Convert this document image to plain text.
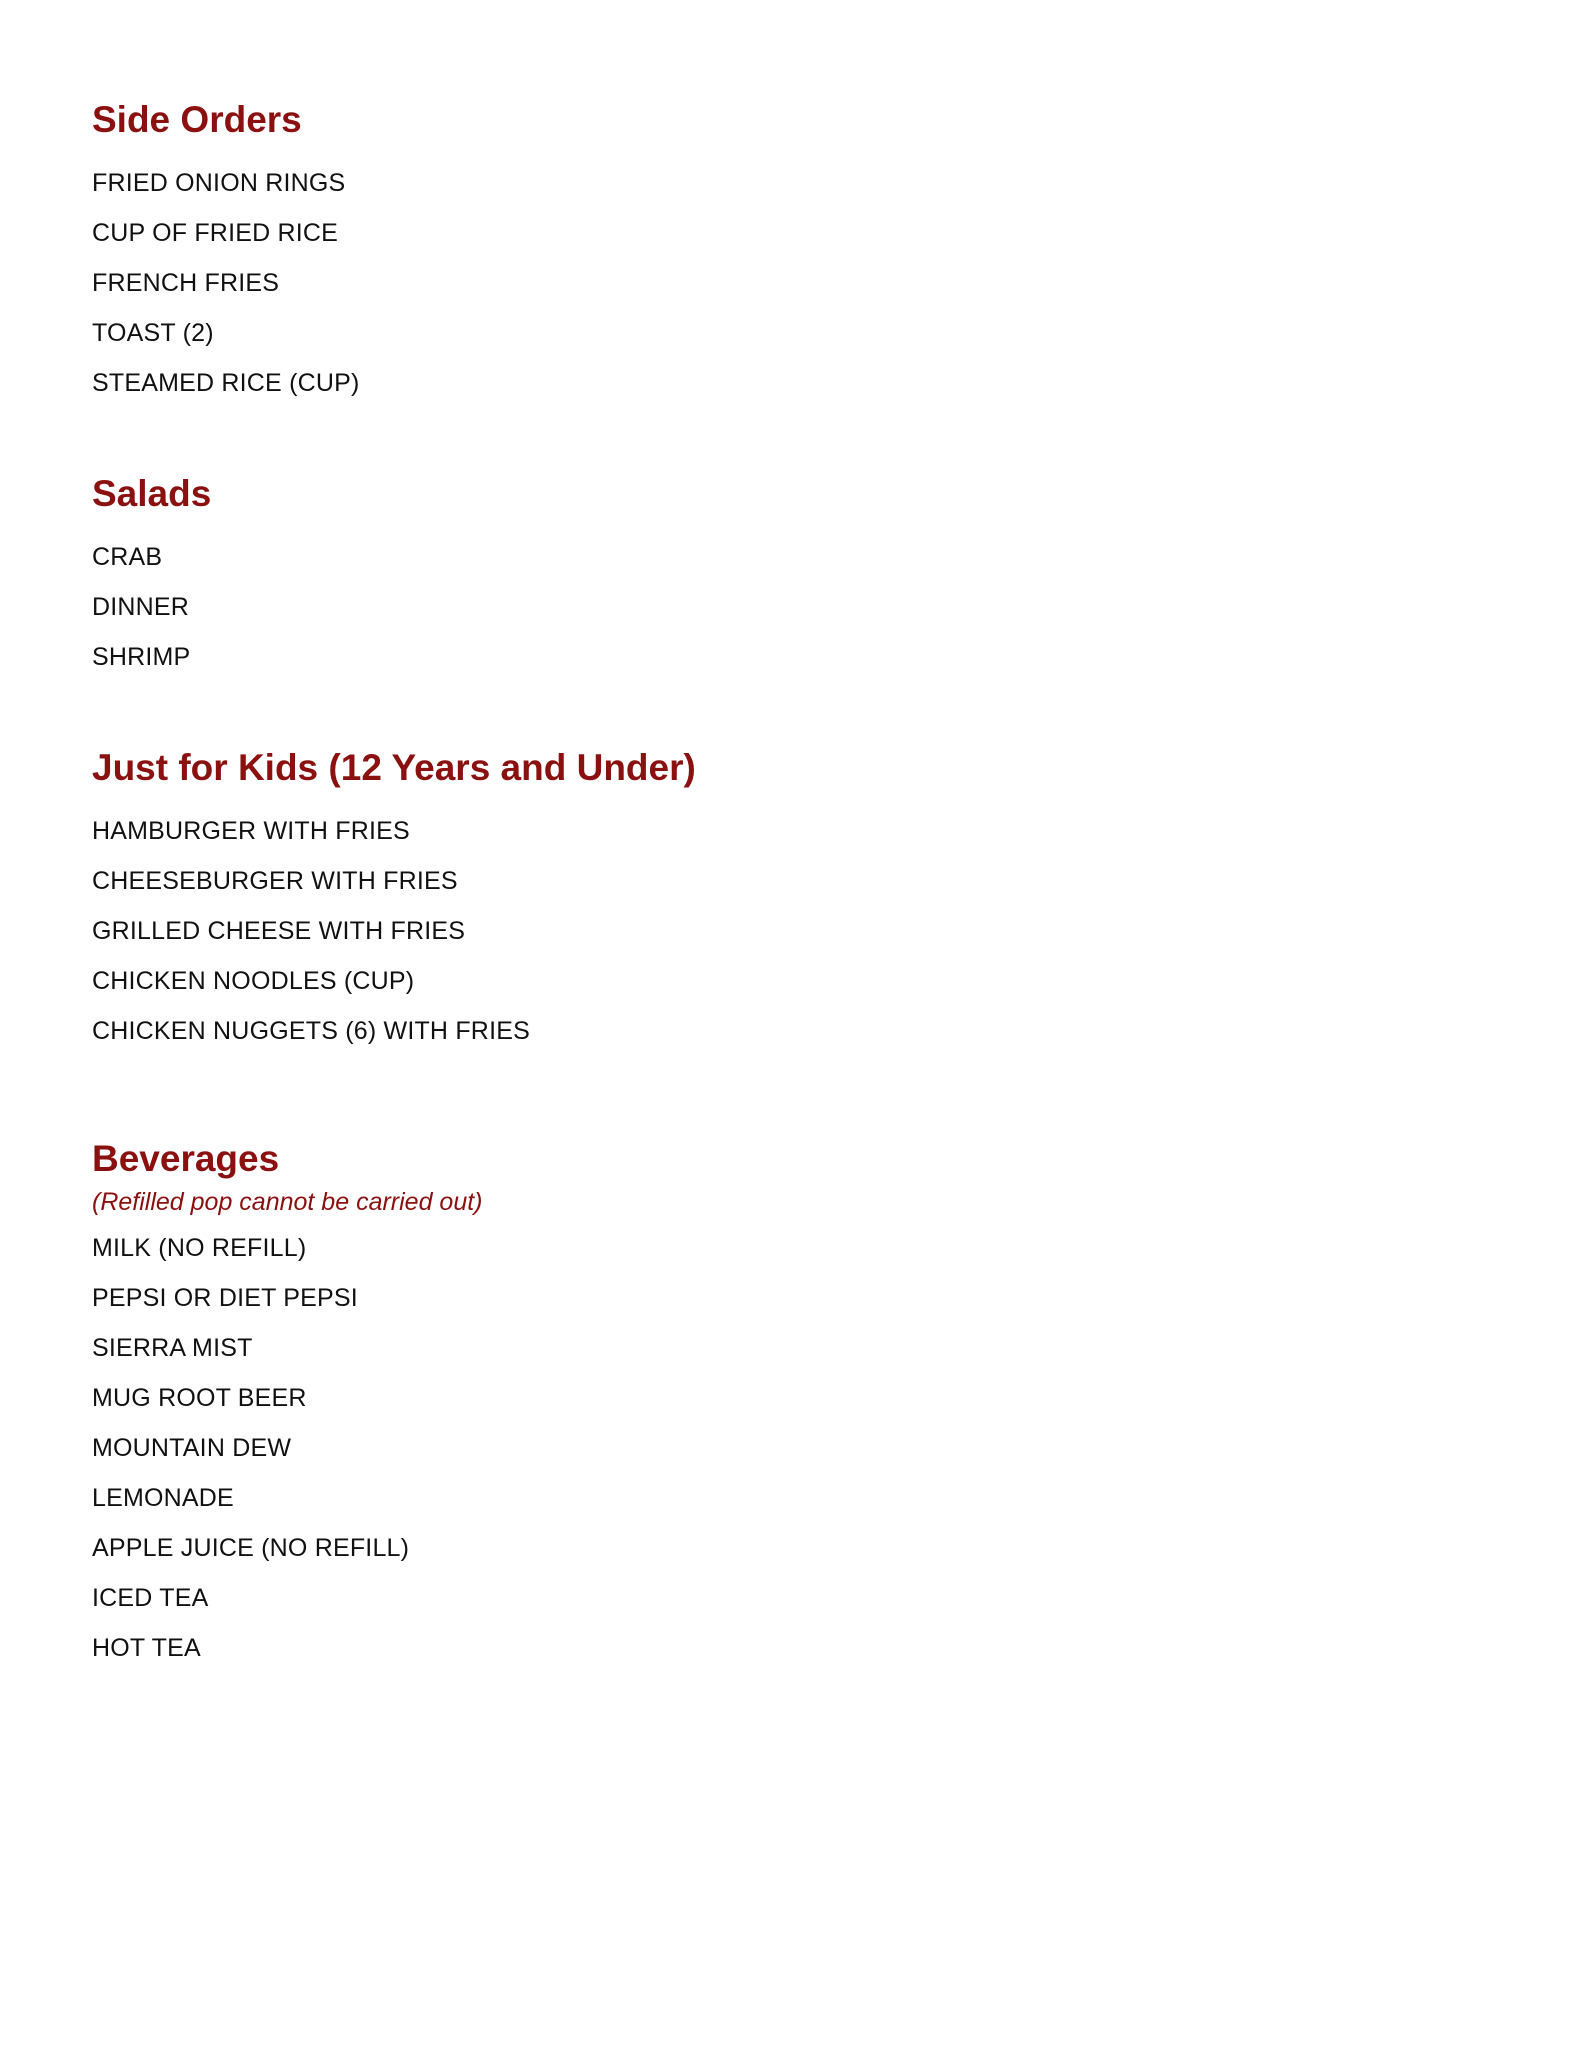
Side Orders
FRIED ONION RINGS
CUP OF FRIED RICE
FRENCH FRIES
TOAST (2)
STEAMED RICE (CUP)
Salads
CRAB
DINNER
SHRIMP
Just for Kids (12 Years and Under)
HAMBURGER WITH FRIES
CHEESEBURGER WITH FRIES
GRILLED CHEESE WITH FRIES
CHICKEN NOODLES (CUP)
CHICKEN NUGGETS (6) WITH FRIES
Beverages

(Refilled pop cannot be carried out)

MILK (NO REFILL)
PEPSI OR DIET PEPSI
SIERRA MIST
MUG ROOT BEER
MOUNTAIN DEW
LEMONADE
APPLE JUICE (NO REFILL)
ICED TEA
HOT TEA
